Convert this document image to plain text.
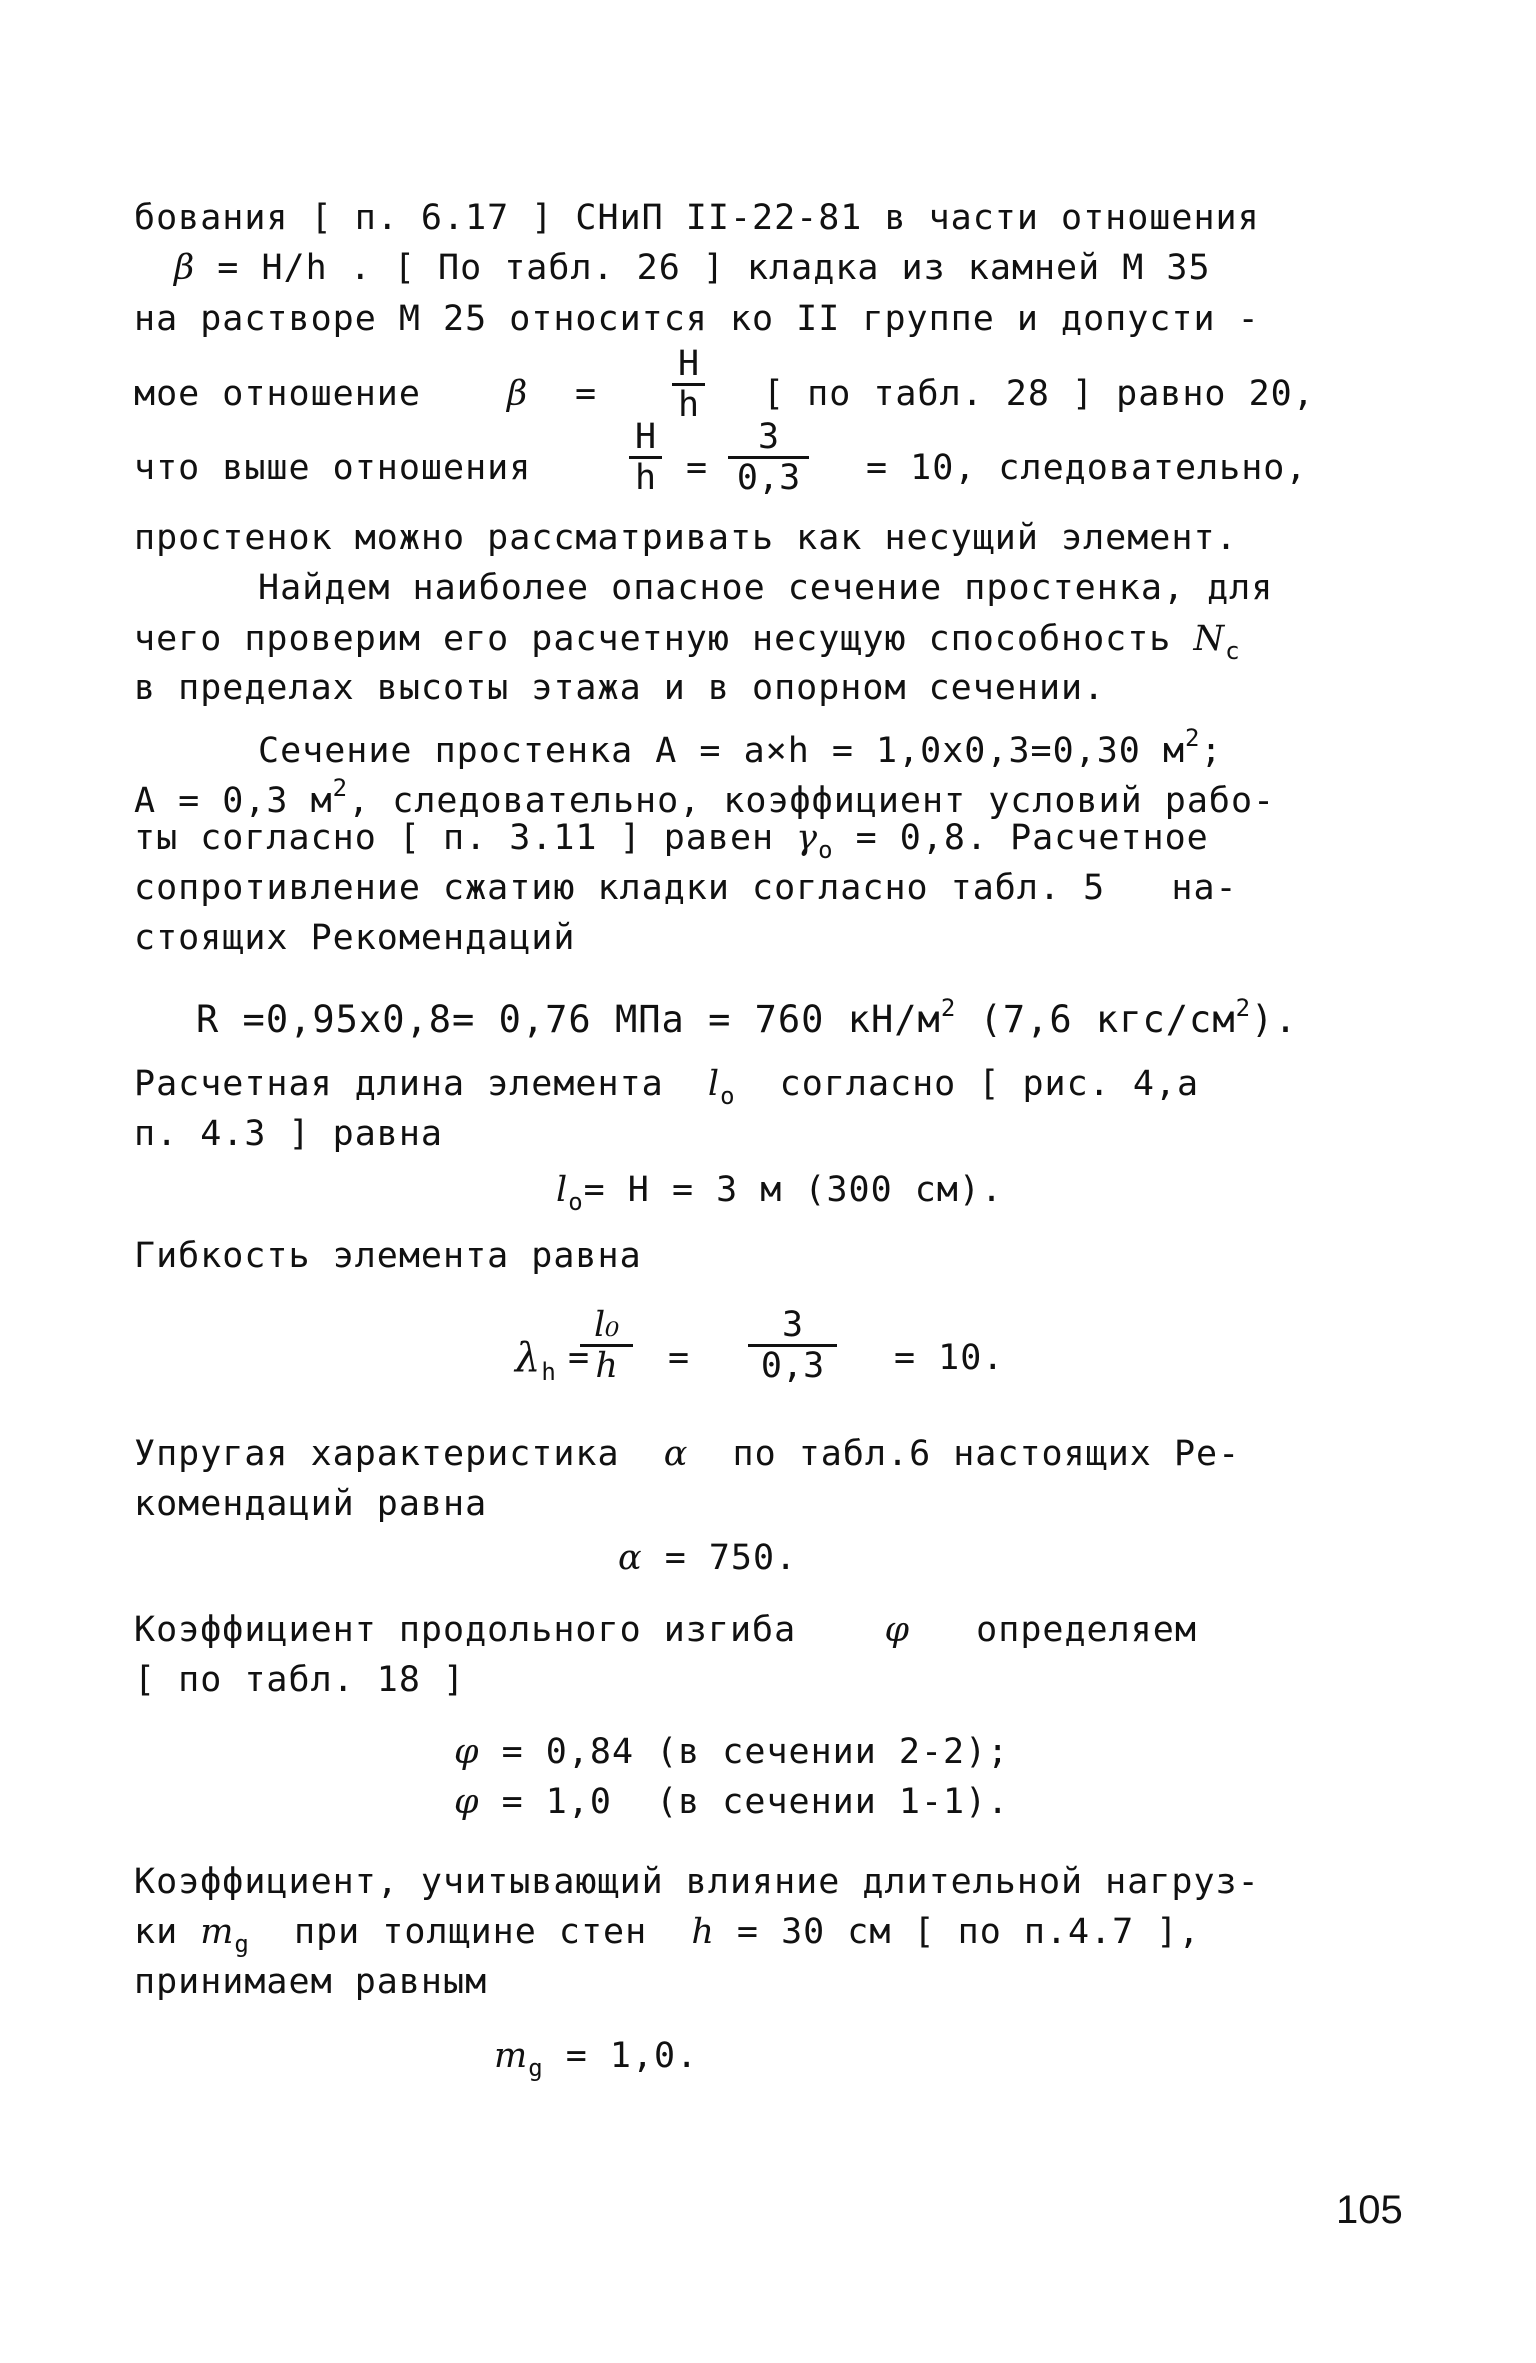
бования [ п. 6.17 ] СНиП II-22-81 в части отношения
β = H/h . [ По табл. 26 ] кладка из камней М 35
на растворе М 25 относится ко II группе и допусти -
мое отношение $\beta = \frac{H}{h}$ [ по табл. 28 ] равно 20,
что выше отношения	$\frac{H}{h} = \frac{3}{0,3} = 10$, следовательно,
простенок можно рассматривать как несущий элемент.
Найдем наиболее опасное сечение простенка, для
чего проверим его расчетную несущую способность $N_c$
в пределах высоты этажа и в опорном сечении.
Сечение простенка А = a×h = 1,0х0,3=0,30 $м^2$;
А = 0,3 $м^2$, следовательно, коэффициент условий рабо-
ты согласно [ п. 3.11 ] равен $\gamma_o = 0,8$. Расчетное
сопротивление сжатию кладки согласно табл. 5   на-
стоящих Рекомендаций
R =0,95х0,8= 0,76 МПа = 760 $кН/м^2$ (7,6 кгс/$см^2$).
Расчетная длина элемента  $l_o$  согласно [ рис. 4,а
п. 4.3 ] равна
$l_o= H = 3$ м (300 см).
Гибкость элемента равна
$\lambda_h$ =
$\frac{\text{l₀}}{h} = \frac{3}{0,3} = 10$.
Упругая характеристика  α  по табл.6 настоящих Ре-
комендаций равна
α = 750.
Коэффициент продольного изгиба    φ   определяем
[ по табл. 18 ]
φ = 0,84 (в сечении 2-2);
φ = 1,0  (в сечении 1-1).
Коэффициент, учитывающий влияние длительной нагруз-
ки $m_g$  при толщине стен  h = 30 см [ по п.4.7 ],
принимаем равным
$m_g = 1,0$.
105
